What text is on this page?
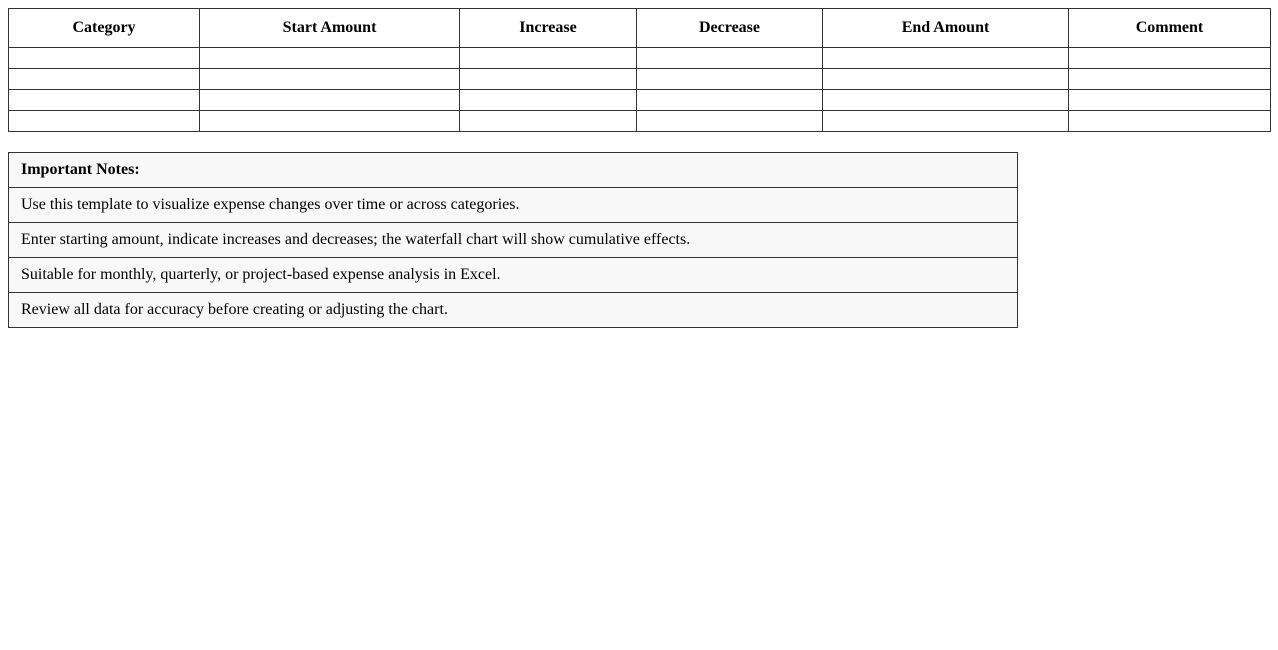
Category	Start Amount	Increase	Decrease	End Amount	Comment

Important Notes:
Use this template to visualize expense changes over time or across categories.
Enter starting amount, indicate increases and decreases; the waterfall chart will show cumulative effects.
Suitable for monthly, quarterly, or project-based expense analysis in Excel.
Review all data for accuracy before creating or adjusting the chart.
